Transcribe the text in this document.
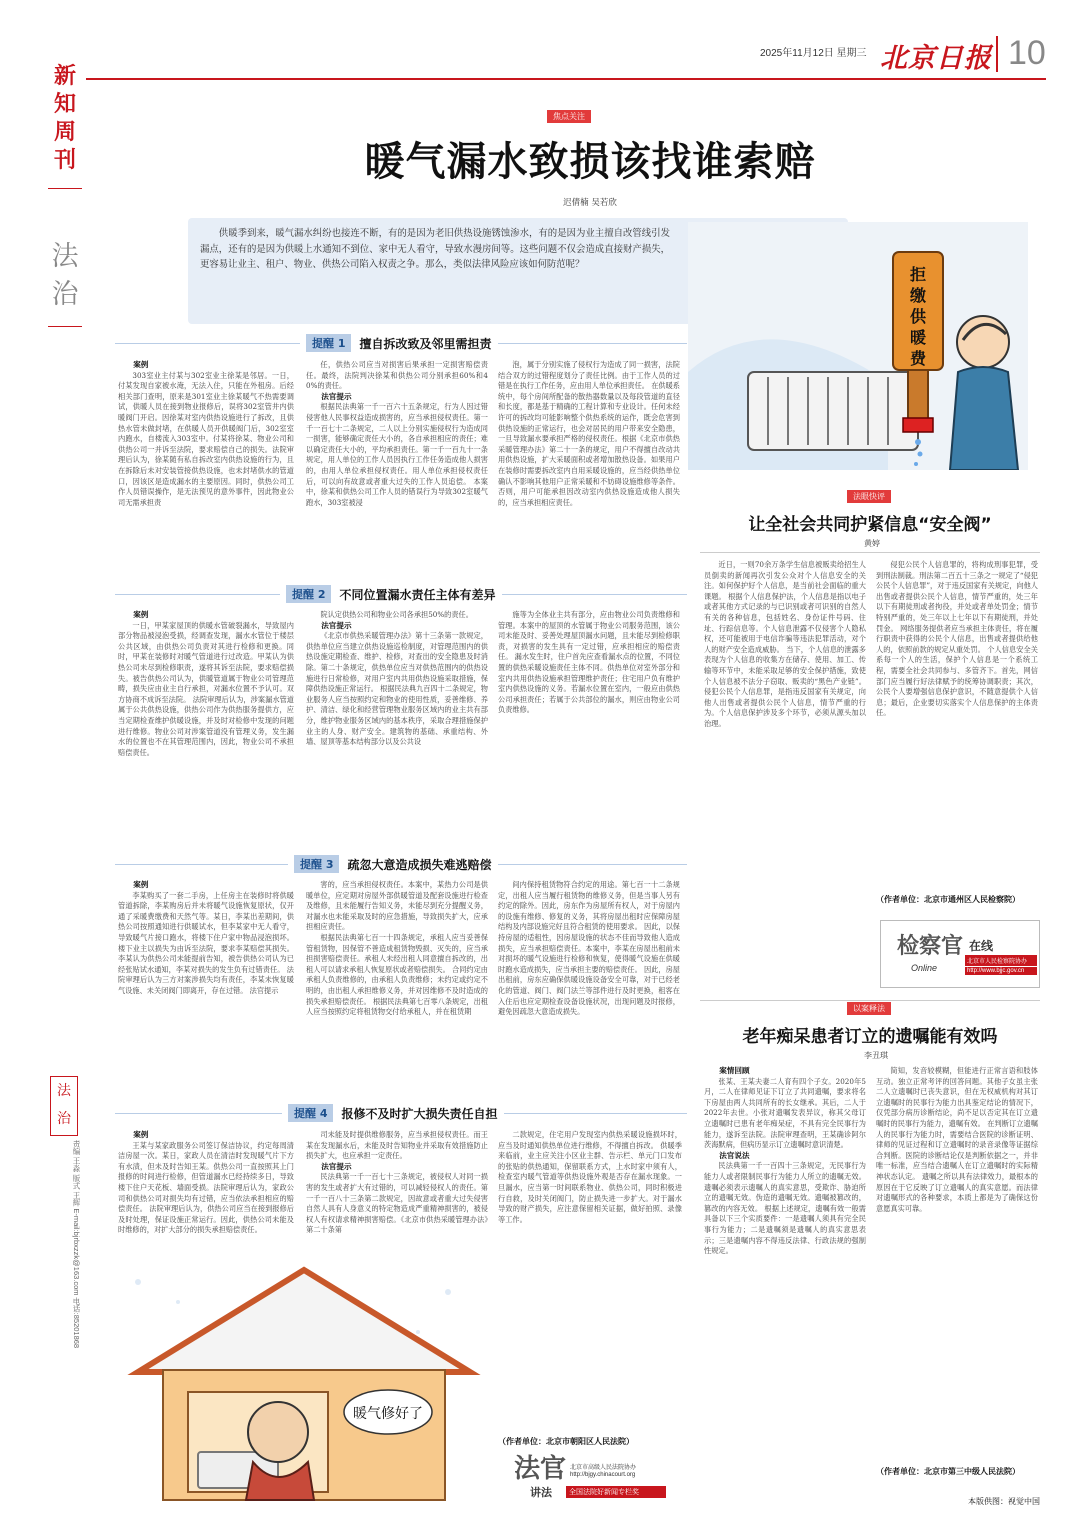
2025年11月12日 星期三 北京日报 10
新知周刊
法治
法治
责编 王淼 版式 王辉 E-mail:bjrbxzzk@163.com 电话:85201868
焦点关注
暖气漏水致损该找谁索赔
迟倩楠 吴若欣
供暖季到来，暖气漏水纠纷也接连不断，有的是因为老旧供热设施锈蚀渗水，有的是因为业主擅自改管线引发漏点，还有的是因为供暖上水通知不到位、家中无人看守，导致水漫房间等。这些问题不仅会造成直接财产损失，更容易让业主、租户、物业、供热公司陷入权责之争。那么，类似法律风险应该如何防范呢？
拒
缴
供
暖
费
提醒 1	擅自拆改致及邻里需担责
案例

303室业主付某与302室业主徐某是邻居。一日，付某发现自家被水淹，无法入住，只能在外租房。后经相关部门查明，原来是301室业主徐某暖气不热需要调试，供暖人员在接到物业报修后，误将302室管井内供暖阀门开启。因徐某对室内供热设施进行了拆改，且供热水管未做封堵，在供暖人员开供暖阀门后，302室室内跑水，自楼流入303室中。付某将徐某、物业公司和供热公司一并诉至法院，要求赔偿自己的损失。法院审理后认为，徐某随有私自拆改室内供热设施的行为，且在拆除后未对安装管接供热设施，也未封堵供水的管道口，因该区是造成漏水的主要原因。同时，供热公司工作人员错误操作，是无法预见的意外事件，因此物业公司无需承担责

任，供热公司应当对损害后果承担一定损害赔偿责任。最终，法院判决徐某和供热公司分别承担60%和40%的责任。

法官提示

根据民法典第一千一百六十五条规定，行为人因过错侵害他人民事权益造成损害的，应当承担侵权责任。第一千一百七十二条规定，二人以上分别实施侵权行为造成同一损害，能够确定责任大小的，各自承担相应的责任；难以确定责任大小的，平均承担责任。第一千一百九十一条规定，用人单位的工作人员因执行工作任务造成他人损害的，由用人单位承担侵权责任。用人单位承担侵权责任后，可以向有故意或者重大过失的工作人员追偿。 本案中，徐某和供热公司工作人员的错误行为导致302室暖气跑水，303室被浸

泡，属于分别实施了侵权行为造成了同一损害，法院结合双方的过错程度划分了责任比例。由于工作人员的过错是在执行工作任务，应由用人单位承担责任。 在供暖系统中，每个房间所配备的散热器数量以及每段管道的直径和长度，都是基于精确的工程计算和专业设计。任何未经许可的拆改均可能影响整个供热系统的运作，既会危害到供热设施的正常运行，也会对居民的用户带来安全隐患，一旦导致漏水要承担严格的侵权责任。根据《北京市供热采暖管理办法》第二十一条的规定，用户不得擅自改动共用供热设施，扩大采暖面积或者增加散热设备。如果用户在装修时需要拆改室内自用采暖设施的，应当经供热单位确认不影响其他用户正常采暖和不妨碍设施维修等条件。否则，用户可能承担因改动室内供热设施造成他人损失的，应当承担相应责任。

提醒 2	不同位置漏水责任主体有差异
案例

一日，甲某家屋顶的供暖水管破裂漏水，导致屋内部分物品被浸泡受损，经调查发现，漏水水管位于楼层公共区域，由供热公司负责对其进行检修和更换。同时，甲某在装修时对暖气管道进行过改造。甲某认为供热公司未尽到检修职责，遂将其诉至法院，要求赔偿损失。被告供热公司认为，供暖管道属于物业公司管理范畴，损失应由业主自行承担，对漏水位置不予认可。双方协商不成诉至法院。 法院审理后认为，涉案漏水管道属于公共供热设施，供热公司作为供热服务提供方，应当定期检查维护供暖设施，并及时对检修中发现的问题进行维修。物业公司对涉案管道没有管理义务，发生漏水的位置也不在其管理范围内，因此，物业公司不承担赔偿责任。

院认定供热公司和物业公司各承担50%的责任。

法官提示

《北京市供热采暖管理办法》第十三条第一款规定，供热单位应当建立供热设施巡检制度，对管理范围内的供热设施定期检查、维护、检修，对查出的安全隐患及时消除。第二十条规定，供热单位应当对供热范围内的供热设施进行日常检修，对用户室内共用供热设施采取措施，保障供热设施正常运行。 根据民法典九百四十二条规定，物业服务人应当按照约定和物业的使用性质，妥善维修、养护、清洁、绿化和经营管理物业服务区域内的业主共有部分，维护物业服务区域内的基本秩序，采取合理措施保护业主的人身、财产安全。建筑物的基础、承重结构、外墙、屋顶等基本结构部分以及公共设

施等为全体业主共有部分，应由物业公司负责维修和管理。本案中的屋顶的水管属于物业公司服务范围，该公司未能及时、妥善处理屋顶漏水问题，且未能尽到检修职责，对损害的发生具有一定过错，应承担相应的赔偿责任。 漏水发生时，住户首先应查看漏水点的位置，不同位置的供热采暖设施责任主体不同。供热单位对室外部分和室内共用供热设施承担管理维护责任；住宅用户负有维护室内供热设施的义务。若漏水位置在室内，一般应由供热公司承担责任；若属于公共部位的漏水，则应由物业公司负责维修。

提醒 3	疏忽大意造成损失难逃赔偿
案例

李某购买了一套二手房，上任房主在装修时将供暖管道拆除，李某购房后并未将暖气设施恢复原状，仅开通了采暖费缴费和天然气等。某日，李某出差期间，供热公司按照通知进行供暖试水，但李某家中无人看守，导致暖气片接口跑水，将楼下住户家中物品浸泡损坏。楼下业主以损失为由诉至法院，要求李某赔偿其损失。李某认为供热公司未能提前告知，被告供热公司认为已经张贴试水通知，李某对损失的发生负有过错责任。 法院审理后认为三方对案涉损失均有责任，李某未恢复暖气设施、未关闭阀门即离开，存在过错。 法官提示

害的，应当承担侵权责任。本案中，某热力公司是供暖单位，应定期对房屋外部供暖管道及配套设施进行检查及维修，且未能履行告知义务，未能尽到充分提醒义务，对漏水也未能采取及时的应急措施，导致损失扩大，应承担相应责任。

根据民法典第七百一十四条规定，承租人应当妥善保管租赁物，因保管不善造成租赁物毁损、灭失的，应当承担损害赔偿责任。承租人未经出租人同意擅自拆改的，出租人可以请求承租人恢复原状或者赔偿损失。 合同约定由承租人负责维修的，由承租人负责维修；未约定或约定不明的，由出租人承担维修义务，并对因维修不及时造成的损失承担赔偿责任。 根据民法典第七百零八条规定，出租人应当按照约定将租赁物交付给承租人，并在租赁期

间内保持租赁物符合约定的用途。第七百一十二条规定，出租人应当履行租赁物的维修义务，但是当事人另有约定的除外。因此，房东作为房屋所有权人，对于房屋内的设施有维修、修复的义务，其将房屋出租时应保障房屋结构及内部设施完好且符合租赁的使用要求。 因此，以保持房屋的适租性，因房屋设施的状态不佳而导致他人造成损失，应当承担赔偿责任。本案中，李某在房屋出租前未对损坏的暖气设施进行检修和恢复，使得暖气设施在供暖时跑水造成损失，应当承担主要的赔偿责任。 因此，房屋出租前，房东应确保供暖设施设备安全可靠，对于已经老化的管道、阀门、阀门法兰等部件进行及时更换，租客在入住后也应定期检查设备设施状况，出现问题及时报修，避免因疏忽大意造成损失。

提醒 4	报修不及时扩大损失责任自担
案例

王某与某家政服务公司签订保洁协议，约定每周清洁房屋一次。某日，家政人员在清洁时发现暖气片下方有水渍，但未及时告知王某。供热公司一直按照其上门报修的时间进行检修，但管道漏水已经持续多日，导致楼下住户天花板、墙面受损。法院审理后认为，家政公司和供热公司对损失均有过错，应当依法承担相应的赔偿责任。 法院审理后认为，供热公司应当在接到报修后及时处理，保证设施正常运行。因此，供热公司未能及时维修的，对扩大部分的损失承担赔偿责任。

司未能及时提供维修服务，应当承担侵权责任。而王某在发现漏水后，未能及时告知物业并采取有效措施防止损失扩大，也应承担一定责任。

法官提示

民法典第一千一百七十三条规定，被侵权人对同一损害的发生或者扩大有过错的，可以减轻侵权人的责任。第一千一百八十三条第二款规定，因故意或者重大过失侵害自然人具有人身意义的特定物造成严重精神损害的，被侵权人有权请求精神损害赔偿。《北京市供热采暖管理办法》第二十条第

二款规定，住宅用户发现室内供热采暖设施损坏时，应当及时通知供热单位进行维修，不得擅自拆改。 供暖季来临前，业主应关注小区业主群、告示栏、单元门口发布的张贴的供热通知，保留联系方式，上水时家中须有人，检查室内暖气管道等供热设施外观是否存在漏水现象。一旦漏水，应当第一时间联系物业、供热公司，同时积极进行自救，及时关闭阀门，防止损失进一步扩大。对于漏水导致的财产损失，应注意保留相关证据，做好拍照、录像等工作。

（作者单位：北京市朝阳区人民法院）
暖气修好了
法眼快评
让全社会共同护紧信息“安全阀”
黄婷

近日，一则70余万条学生信息被贩卖给招生人员倒卖的新闻再次引发公众对个人信息安全的关注。如何保护好个人信息，是当前社会面临的重大课题。 根据个人信息保护法，个人信息是指以电子或者其他方式记录的与已识别或者可识别的自然人有关的各种信息，包括姓名、身份证件号码、住址、行踪信息等。个人信息泄露不仅侵害个人隐私权，还可能被用于电信诈骗等违法犯罪活动，对个人的财产安全造成威胁。 当下，个人信息的泄露多表现为个人信息的收集方在储存、使用、加工、传输等环节中，未能采取足够的安全保护措施，致使个人信息被不法分子窃取、贩卖的“黑色产业链”。 侵犯公民个人信息罪，是指违反国家有关规定，向他人出售或者提供公民个人信息，情节严重的行为。个人信息保护涉及多个环节，必须从源头加以治理。

侵犯公民个人信息罪的，将构成刑事犯罪，受到刑法制裁。刑法第二百五十三条之一规定了“侵犯公民个人信息罪”，对于违反国家有关规定，向他人出售或者提供公民个人信息，情节严重的，处三年以下有期徒刑或者拘役，并处或者单处罚金；情节特别严重的，处三年以上七年以下有期徒刑，并处罚金。 网络服务提供者应当承担主体责任，将在履行职责中获得的公民个人信息，出售或者提供给他人的，依照前款的规定从重处罚。 个人信息安全关系每一个人的生活，保护个人信息是一个系统工程，需要全社会共同参与、多管齐下。首先，网信部门应当履行好法律赋予的统筹协调职责；其次，公民个人要增强信息保护意识，不随意提供个人信息；最后，企业要切实落实个人信息保护的主体责任。

（作者单位：北京市通州区人民检察院）
检察官 在线
Online
北京市人民检察院协办
http://www.bjjc.gov.cn
以案释法
老年痴呆患者订立的遗嘱能有效吗
李丑琪
案情回顾

张某、王某夫妻二人育有四个子女。2020年5月，二人在律师见证下订立了共同遗嘱，要求将名下房屋由两人共同所有的长女继承。其后，二人于2022年去世。小张对遗嘱发表异议，称其父母订立遗嘱时已患有老年痴呆症，不具有完全民事行为能力，遂诉至法院。法院审理查明，王某确诊阿尔茨海默病，但病历显示订立遗嘱时意识清楚。

法官说法

民法典第一千一百四十三条规定，无民事行为能力人或者限制民事行为能力人所立的遗嘱无效。遗嘱必须表示遗嘱人的真实意思，受欺诈、胁迫所立的遗嘱无效。伪造的遗嘱无效。遗嘱被篡改的，篡改的内容无效。 根据上述规定，遗嘱有效一般需具备以下三个实质要件：一是遗嘱人须具有完全民事行为能力；二是遗嘱须是遗嘱人的真实意思表示；三是遗嘱内容不得违反法律、行政法规的强制性规定。

简知，发音较模糊，但能进行正常言语和肢体互动。独立正常考评的回答问题。其他子女虽主张二人立遗嘱时已丧失意识，但在无权威机构对其订立遗嘱时的民事行为能力出具鉴定结论的情况下，仅凭部分病历诊断结论，尚不足以否定其在订立遗嘱时的民事行为能力，遗嘱有效。 在判断订立遗嘱人的民事行为能力时，需要结合医院的诊断证明、律师的见证过程和订立遗嘱时的录音录像等证据综合判断。医院的诊断结论仅是判断依据之一，并非唯一标准，应当结合遗嘱人在订立遗嘱时的实际精神状态认定。 遗嘱之所以具有法律效力，最根本的原因在于它反映了订立遗嘱人的真实意愿。而法律对遗嘱形式的各种要求，本质上都是为了确保这份意愿真实可靠。

（作者单位：北京市第三中级人民法院）
法官
讲法
北京市高级人民法院协办
http://bjgy.chinacourt.org
全国法院好新闻专栏奖
本版供图：视觉中国
